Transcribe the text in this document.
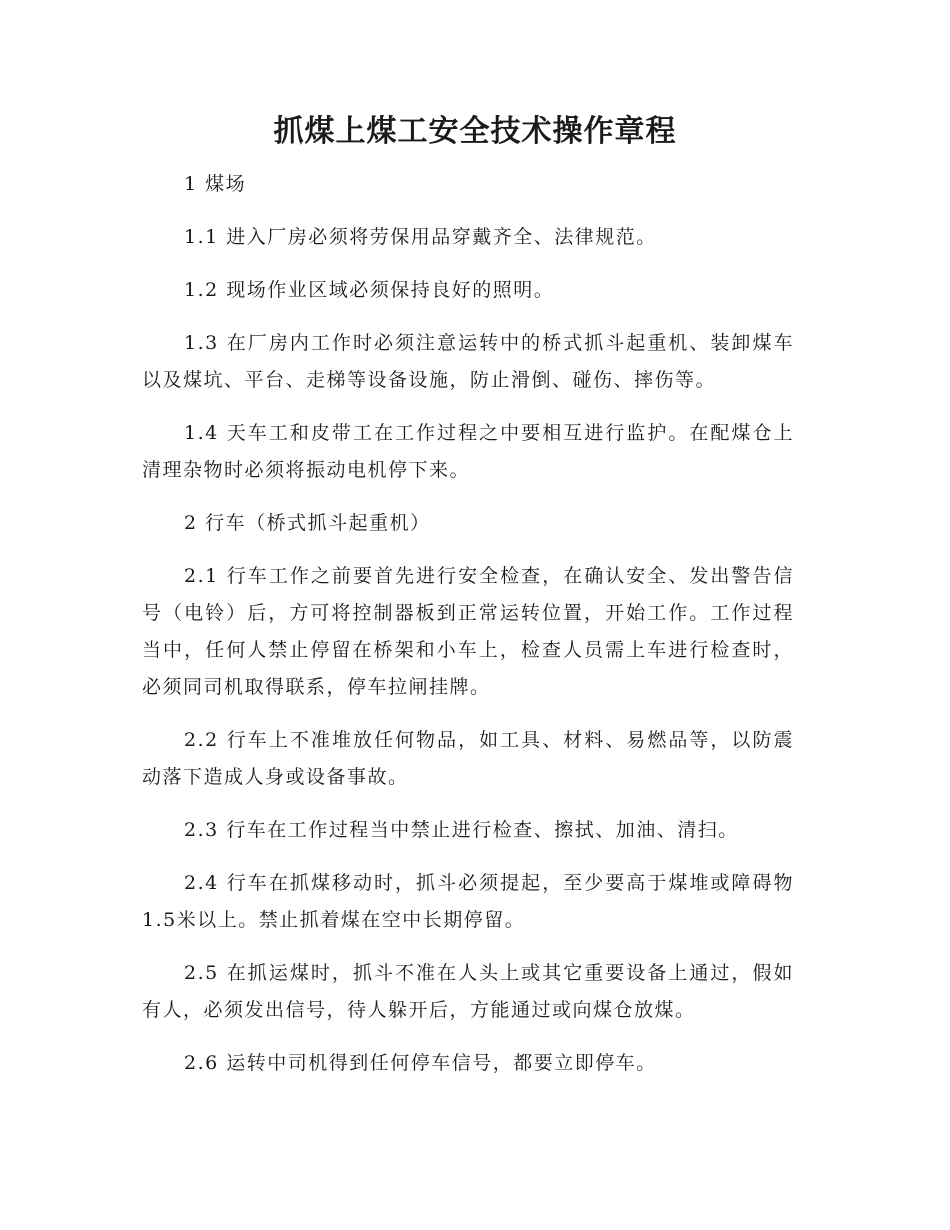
抓煤上煤工安全技术操作章程

1 煤场

1.1 进入厂房必须将劳保用品穿戴齐全、法律规范。

1.2 现场作业区域必须保持良好的照明。

1.3 在厂房内工作时必须注意运转中的桥式抓斗起重机、装卸煤车以及煤坑、平台、走梯等设备设施，防止滑倒、碰伤、摔伤等。

1.4 天车工和皮带工在工作过程之中要相互进行监护。在配煤仓上清理杂物时必须将振动电机停下来。

2 行车（桥式抓斗起重机）

2.1 行车工作之前要首先进行安全检查，在确认安全、发出警告信号（电铃）后，方可将控制器板到正常运转位置，开始工作。工作过程当中，任何人禁止停留在桥架和小车上，检查人员需上车进行检查时，必须同司机取得联系，停车拉闸挂牌。

2.2 行车上不准堆放任何物品，如工具、材料、易燃品等，以防震动落下造成人身或设备事故。

2.3 行车在工作过程当中禁止进行检查、擦拭、加油、清扫。

2.4 行车在抓煤移动时，抓斗必须提起，至少要高于煤堆或障碍物1.5米以上。禁止抓着煤在空中长期停留。

2.5 在抓运煤时，抓斗不准在人头上或其它重要设备上通过，假如有人，必须发出信号，待人躲开后，方能通过或向煤仓放煤。

2.6 运转中司机得到任何停车信号，都要立即停车。
